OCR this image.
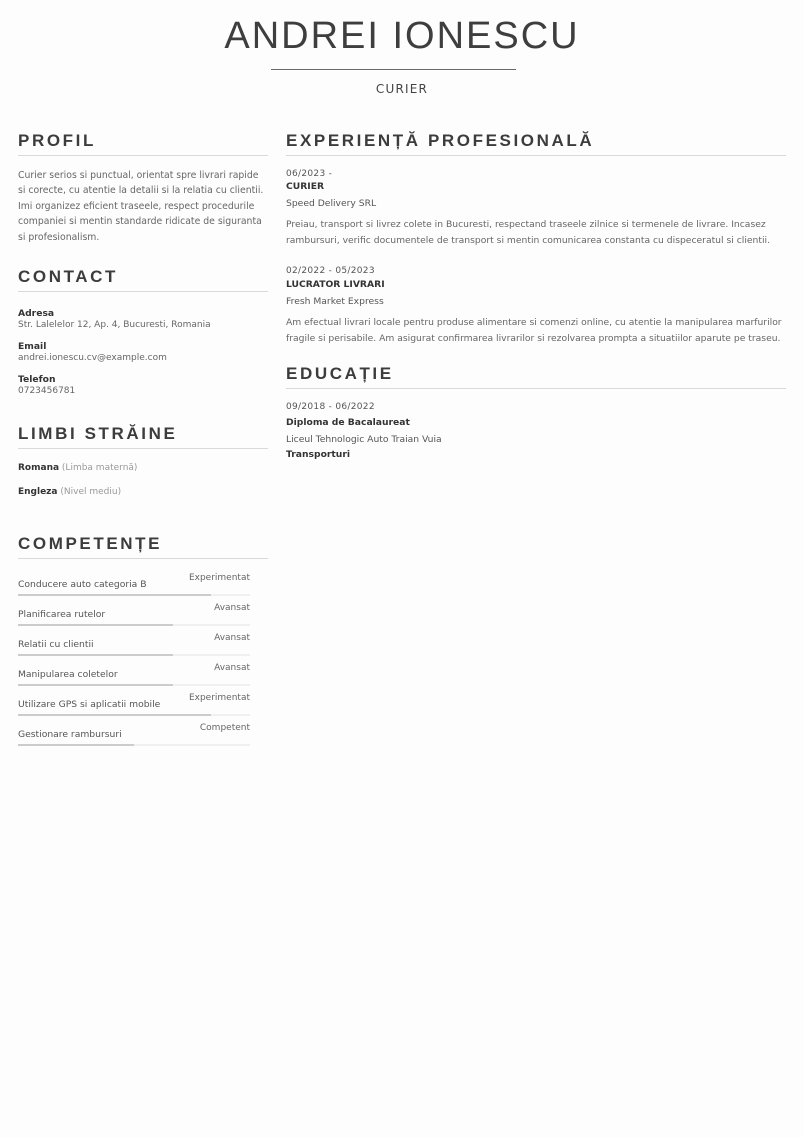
ANDREI IONESCU
CURIER
PROFIL
Curier serios si punctual, orientat spre livrari rapide si corecte, cu atentie la detalii si la relatia cu clientii. Imi organizez eficient traseele, respect procedurile companiei si mentin standarde ridicate de siguranta si profesionalism.
CONTACT
Adresa
Str. Lalelelor 12, Ap. 4, Bucuresti, Romania
Email
andrei.ionescu.cv@example.com
Telefon
0723456781
LIMBI STRĂINE
Romana (Limba maternă)
Engleza (Nivel mediu)
COMPETENȚE
Conducere auto categoria B
Experimentat
Planificarea rutelor
Avansat
Relatii cu clientii
Avansat
Manipularea coletelor
Avansat
Utilizare GPS si aplicatii mobile
Experimentat
Gestionare rambursuri
Competent
EXPERIENȚĂ PROFESIONALĂ
06/2023 -
CURIER
Speed Delivery SRL
Preiau, transport si livrez colete in Bucuresti, respectand traseele zilnice si termenele de livrare. Incasez rambursuri, verific documentele de transport si mentin comunicarea constanta cu dispeceratul si clientii.
02/2022 - 05/2023
LUCRATOR LIVRARI
Fresh Market Express
Am efectual livrari locale pentru produse alimentare si comenzi online, cu atentie la manipularea marfurilor fragile si perisabile. Am asigurat confirmarea livrarilor si rezolvarea prompta a situatiilor aparute pe traseu.
EDUCAȚIE
09/2018 - 06/2022
Diploma de Bacalaureat
Liceul Tehnologic Auto Traian Vuia
Transporturi
